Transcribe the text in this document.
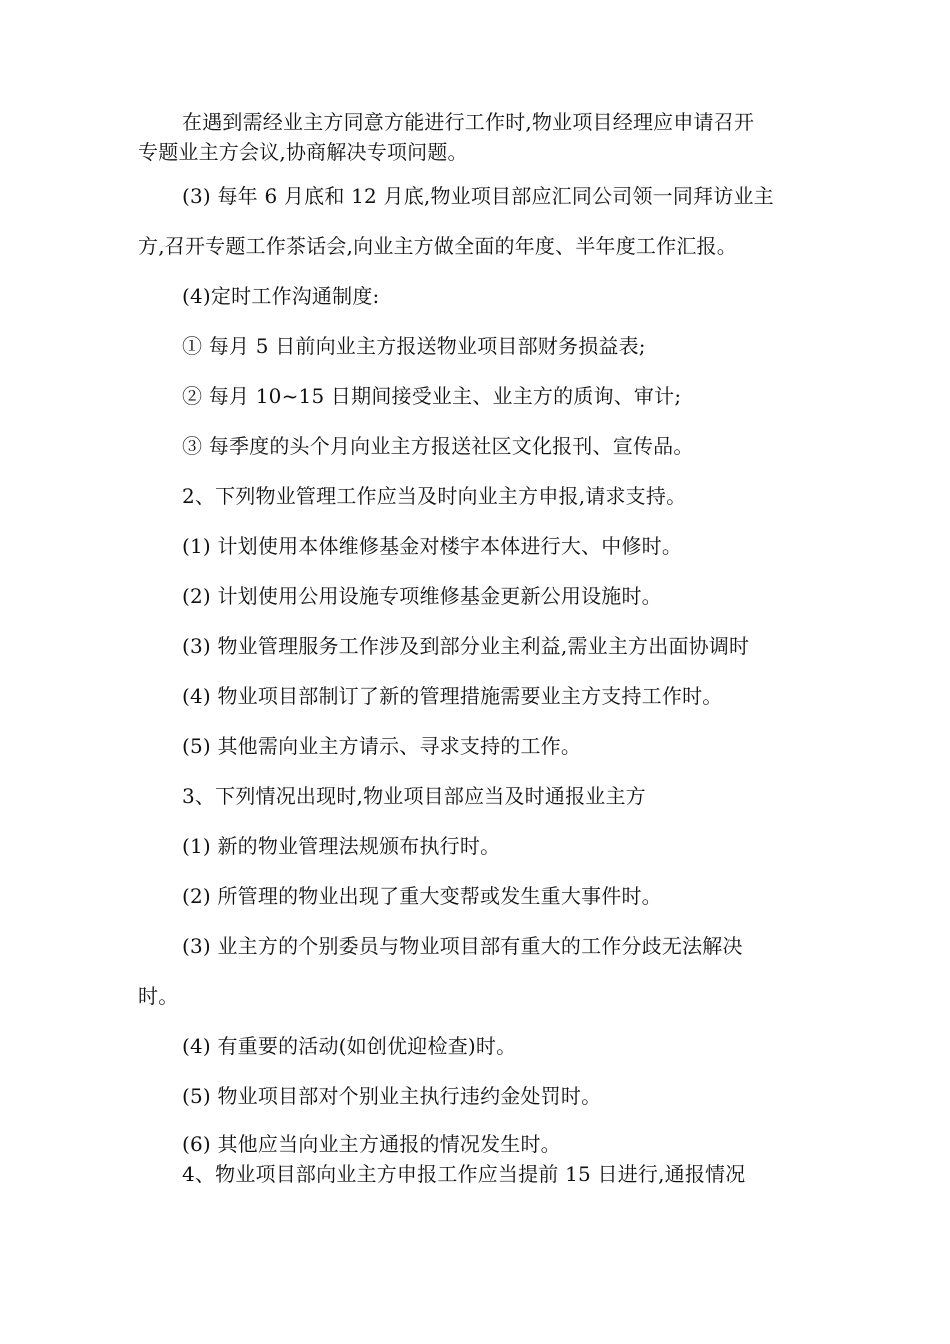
在遇到需经业主方同意方能进行工作时,物业项目经理应申请召开
专题业主方会议,协商解决专项问题。
(3) 每年 6 月底和 12 月底,物业项目部应汇同公司领一同拜访业主
方,召开专题工作茶话会,向业主方做全面的年度、半年度工作汇报。
(4)定时工作沟通制度:
① 每月 5 日前向业主方报送物业项目部财务损益表;
② 每月 10~15 日期间接受业主、业主方的质询、审计;
③ 每季度的头个月向业主方报送社区文化报刊、宣传品。
2、下列物业管理工作应当及时向业主方申报,请求支持。
(1) 计划使用本体维修基金对楼宇本体进行大、中修时。
(2) 计划使用公用设施专项维修基金更新公用设施时。
(3) 物业管理服务工作涉及到部分业主利益,需业主方出面协调时
(4) 物业项目部制订了新的管理措施需要业主方支持工作时。
(5) 其他需向业主方请示、寻求支持的工作。
3、下列情况出现时,物业项目部应当及时通报业主方
(1) 新的物业管理法规颁布执行时。
(2) 所管理的物业出现了重大变帮或发生重大事件时。
(3) 业主方的个别委员与物业项目部有重大的工作分歧无法解决
时。
(4) 有重要的活动(如创优迎检查)时。
(5) 物业项目部对个别业主执行违约金处罚时。
(6) 其他应当向业主方通报的情况发生时。
4、物业项目部向业主方申报工作应当提前 15 日进行,通报情况
